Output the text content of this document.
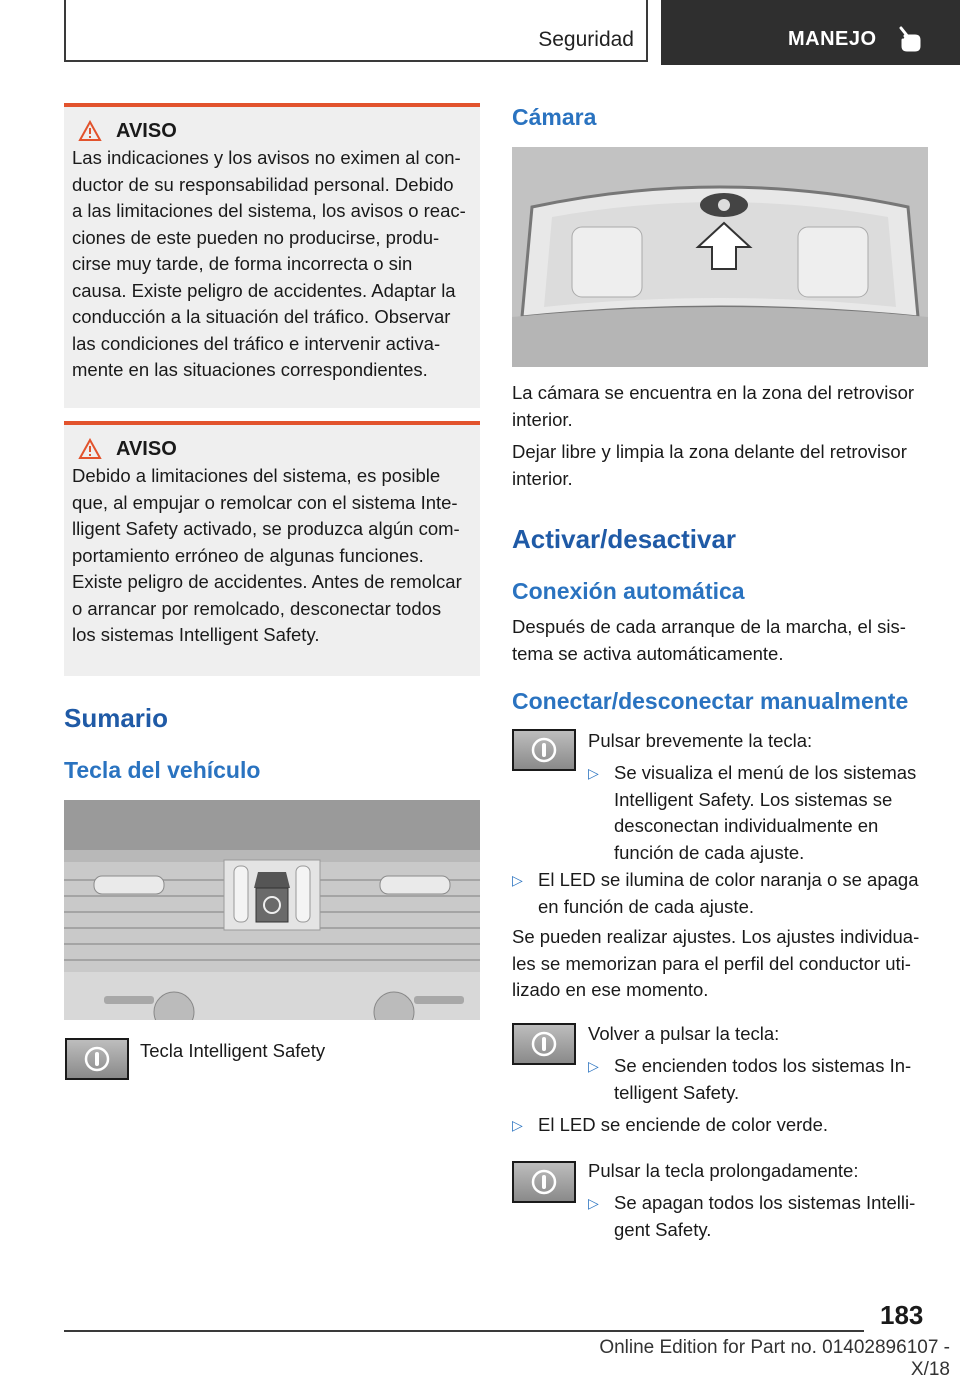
Seguridad	MANEJO
AVISO
Las indicaciones y los avisos no eximen al con‐
ductor de su responsabilidad personal. Debido
a las limitaciones del sistema, los avisos o reac‐
ciones de este pueden no producirse, produ‐
cirse muy tarde, de forma incorrecta o sin
causa. Existe peligro de accidentes. Adaptar la
conducción a la situación del tráfico. Observar
las condiciones del tráfico e intervenir activa‐
mente en las situaciones correspondientes.
AVISO
Debido a limitaciones del sistema, es posible
que, al empujar o remolcar con el sistema Inte‐
lligent Safety activado, se produzca algún com‐
portamiento erróneo de algunas funciones.
Existe peligro de accidentes. Antes de remolcar
o arrancar por remolcado, desconectar todos
los sistemas Intelligent Safety.
Sumario
Tecla del vehículo
Tecla Intelligent Safety
Cámara
La cámara se encuentra en la zona del retrovisor
interior.
Dejar libre y limpia la zona delante del retrovisor
interior.
Activar/desactivar
Conexión automática
Después de cada arranque de la marcha, el sis‐
tema se activa automáticamente.
Conectar/desconectar manualmente
Pulsar brevemente la tecla:
▷ Se visualiza el menú de los sistemas
Intelligent Safety. Los sistemas se
desconectan individualmente en
función de cada ajuste.
▷ El LED se ilumina de color naranja o se apaga
en función de cada ajuste.
Se pueden realizar ajustes. Los ajustes individua‐
les se memorizan para el perfil del conductor uti‐
lizado en ese momento.
Volver a pulsar la tecla:
▷ Se encienden todos los sistemas In‐
telligent Safety.
▷ El LED se enciende de color verde.
Pulsar la tecla prolongadamente:
▷ Se apagan todos los sistemas Intelli‐
gent Safety.
183
Online Edition for Part no. 01402896107 - X/18
